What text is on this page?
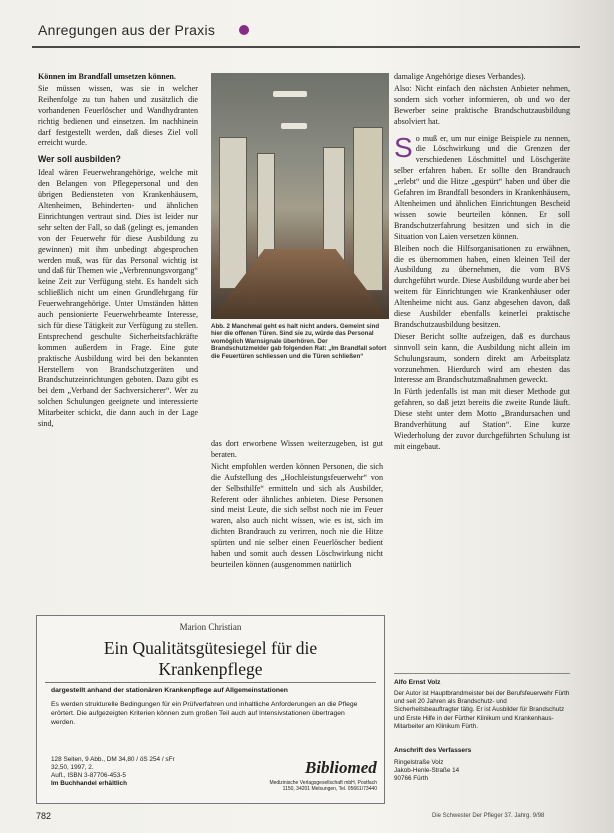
Anregungen aus der Praxis

Können im Brandfall umsetzen können.

Sie müssen wissen, was sie in welcher Reihenfolge zu tun haben und zusätzlich die vorhandenen Feuerlöscher und Wandhydranten richtig bedienen und einsetzen. Im nachhinein darf festgestellt werden, daß dieses Ziel voll erreicht wurde.

Wer soll ausbilden?

Ideal wären Feuerwehrangehörige, welche mit den Belangen von Pflegepersonal und den übrigen Bediensteten von Krankenhäusern, Altenheimen, Behinderten- und ähnlichen Einrichtungen vertraut sind. Dies ist leider nur sehr selten der Fall, so daß (gelingt es, jemanden von der Feuerwehr für diese Ausbildung zu gewinnen) mit ihm unbedingt abgesprochen werden muß, was für das Personal wichtig ist und daß für Themen wie „Verbrennungsvorgang“ keine Zeit zur Verfügung steht. Es handelt sich schließlich nicht um einen Grundlehrgang für Feuerwehrangehörige. Unter Umständen hätten auch pensionierte Feuerwehrbeamte Interesse, sich für diese Tätigkeit zur Verfügung zu stellen. Entsprechend geschulte Sicherheitsfachkräfte kommen außerdem in Frage. Eine gute praktische Ausbildung wird bei den bekannten Herstellern von Brandschutzgeräten und Brandschutzeinrichtungen geboten. Dazu gibt es bei dem „Verband der Sachversicherer“. Wer zu solchen Schulungen geeignete und interessierte Mitarbeiter schickt, die dann auch in der Lage sind,

Abb. 2 Manchmal geht es halt nicht anders. Gemeint sind hier die offenen Türen. Sind sie zu, würde das Personal womöglich Warnsignale überhören. Der Brandschutzmelder gab folgenden Rat: „Im Brandfall sofort die Feuertüren schliessen und die Türen schließen“

das dort erworbene Wissen weiterzugeben, ist gut beraten.

Nicht empfohlen werden können Personen, die sich die Aufstellung des „Hochleistungsfeuerwehr“ von der Selbsthilfe“ ermitteln und sich als Ausbilder, Referent oder ähnliches anbieten. Diese Personen sind meist Leute, die sich selbst noch nie im Feuer waren, also auch nicht wissen, wie es ist, sich im dichten Brandrauch zu verirren, noch nie die Hitze spürten und nie selber einen Feuerlöscher bedient haben und somit auch dessen Löschwirkung nicht beurteilen können (ausgenommen natürlich

damalige Angehörige dieses Verbandes).

Also: Nicht einfach den nächsten Anbieter nehmen, sondern sich vorher informieren, ob und wo der Bewerber seine praktische Brandschutzausbildung absolviert hat.

So muß er, um nur einige Beispiele zu nennen, die Löschwirkung und die Grenzen der verschiedenen Löschmittel und Löschgeräte selber erfahren haben. Er sollte den Brandrauch „erlebt“ und die Hitze „gespürt“ haben und über die Gefahren im Brandfall besonders in Krankenhäusern, Altenheimen und ähnlichen Einrichtungen Bescheid wissen sowie beurteilen können. Er soll Brandschutzerfahrung besitzen und sich in die Situation von Laien versetzen können.

Bleiben noch die Hilfsorganisationen zu erwähnen, die es übernommen haben, einen kleinen Teil der Ausbildung zu übernehmen, die vom BVS durchgeführt wurde. Diese Ausbildung wurde aber bei weitem für Einrichtungen wie Krankenhäuser oder Altenheime nicht aus. Ganz abgesehen davon, daß diese Ausbilder ebenfalls keinerlei praktische Brandschutzausbildung besitzen.

Dieser Bericht sollte aufzeigen, daß es durchaus sinnvoll sein kann, die Ausbildung nicht allein im Schulungsraum, sondern direkt am Arbeitsplatz vorzunehmen. Hierdurch wird am ehesten das Interesse am Brandschutzmaßnahmen geweckt.

In Fürth jedenfalls ist man mit dieser Methode gut gefahren, so daß jetzt bereits die zweite Runde läuft. Diese steht unter dem Motto „Brandursachen und Brandverhütung auf Station“. Eine kurze Wiederholung der zuvor durchgeführten Schulung ist mit eingebaut.

Alfo Ernst Volz
Der Autor ist Hauptbrandmeister bei der Berufsfeuerwehr Fürth und seit 20 Jahren als Brandschutz- und Sicherheitsbeauftragter tätig. Er ist Ausbilder für Brandschutz und Erste Hilfe in der Fürther Klinikum und Krankenhaus-Mitarbeiter am Klinikum Fürth.
Anschrift des Verfassers
Ringelstraße Volz
Jakob-Henle-Straße 14
90766 Fürth
Marion Christian
Ein Qualitätsgütesiegel für die
Krankenpflege
dargestellt anhand der stationären Krankenpflege auf Allgemeinstationen
Es werden strukturelle Bedingungen für ein Prüfverfahren und inhaltliche Anforderungen an die Pflege erörtert. Die aufgezeigten Kriterien können zum großen Teil auch auf Intensivstationen übertragen werden.
128 Seiten, 9 Abb., DM 34,80 / öS 254 / sFr 32,50, 1997, 2.
Aufl., ISBN 3-87706-453-5
Im Buchhandel erhältlich
Bibliomed
Medizinische Verlagsgesellschaft mbH, Postfach 1150, 34201 Melsungen, Tel. 05661/73440
782	Die Schwester Der Pfleger 37. Jahrg. 9/98
